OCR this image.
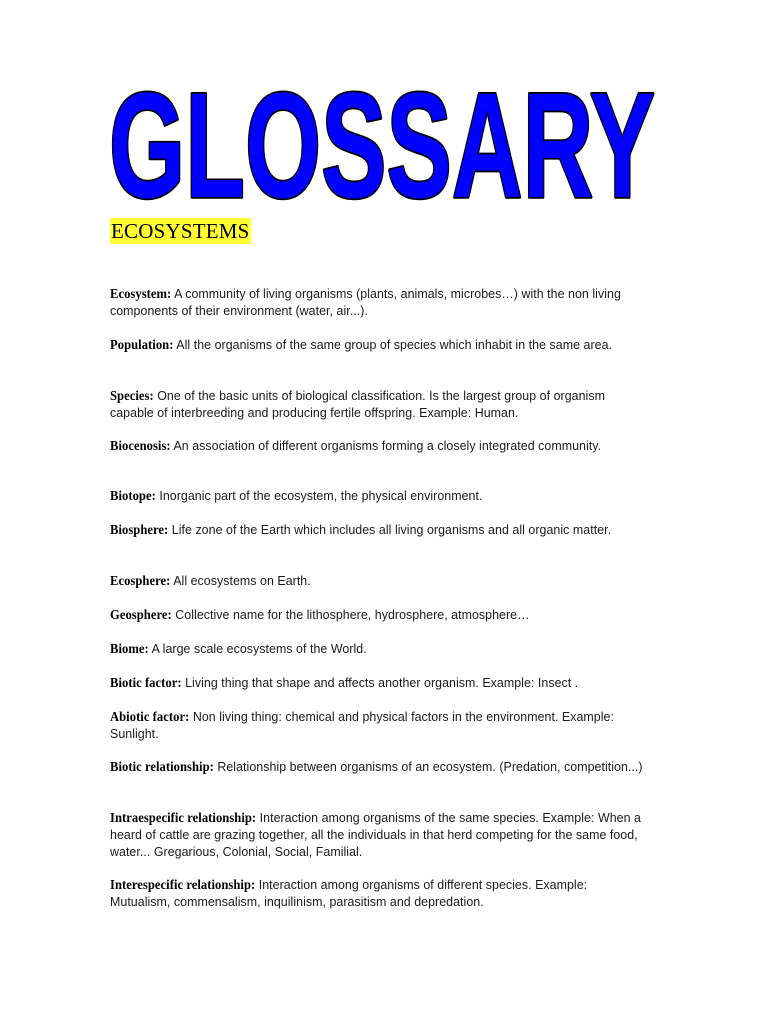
GLOSSARY
ECOSYSTEMS

Ecosystem: A community of living organisms (plants, animals, microbes…) with the non living components of their environment (water, air...).

Population: All the organisms of the same group of species which inhabit in the same area.

Species: One of the basic units of biological classification. Is the largest group of organism capable of interbreeding and producing fertile offspring. Example: Human.

Biocenosis: An association of different organisms forming a closely integrated community.

Biotope: Inorganic part of the ecosystem, the physical environment.

Biosphere: Life zone of the Earth which includes all living organisms and all organic matter.

Ecosphere: All ecosystems on Earth.

Geosphere: Collective name for the lithosphere, hydrosphere, atmosphere…

Biome: A large scale ecosystems of the World.

Biotic factor: Living thing that shape and affects another organism. Example: Insect .

Abiotic factor: Non living thing: chemical and physical factors in the environment. Example: Sunlight.

Biotic relationship: Relationship between organisms of an ecosystem. (Predation, competition...)

Intraespecific relationship: Interaction among organisms of the same species. Example: When a heard of cattle are grazing together, all the individuals in that herd competing for the same food, water... Gregarious, Colonial, Social, Familial.

Interespecific relationship: Interaction among organisms of different species. Example: Mutualism, commensalism, inquilinism, parasitism and depredation.
